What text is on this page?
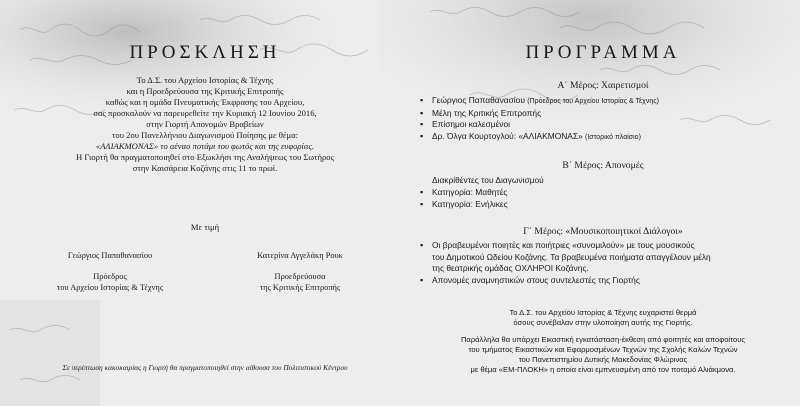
ΠΡΟΣΚΛΗΣΗ
Το Δ.Σ. του Αρχείου Ιστορίας & Τέχνης
και η Προεδρεύουσα της Κριτικής Επιτροπής
καθώς και η ομάδα Πνευματικής Έκφρασης του Αρχείου,
σας προσκαλούν να παρευρεθείτε την Κυριακή 12 Ιουνίου 2016,
στην Γιορτή Απονομών Βραβείων
του 2ου Πανελλήνιου Διαγωνισμού Ποίησης με θέμα:
«ΑΛΙΑΚΜΟΝΑΣ» το αέναο ποτάμι του φωτός και της ευφορίας.
Η Γιορτή θα πραγματοποιηθεί στο Εξωκλήσι της Αναλήψεως του Σωτήρος
στην Καισάρεια Κοζάνης στις 11 το πρωί.
Με τιμή
Γεώργιος Παπαθανασίου
Πρόεδρος
του Αρχείου Ιστορίας & Τέχνης
Κατερίνα Αγγελάκη Ρουκ
Προεδρεύουσα
της Κριτικής Επιτροπής
Σε περίπτωση κακοκαιρίας η Γιορτή θα πραγματοποιηθεί στην αίθουσα του Πολιτιστικού Κέντρου
ΠΡΟΓΡΑΜΜΑ
Α΄ Μέρος: Χαιρετισμοί
▪ Γεώργιος Παπαθανασίου (Πρόεδρος του Αρχείου Ιστορίας & Τέχνης)
▪ Μέλη της Κριτικής Επιτροπής
▪ Επίσημοι καλεσμένοι
▪ Δρ. Όλγα Κουρτογλού: «ΑΛΙΑΚΜΟΝΑΣ» (Ιστορικό πλαίσιο)
Β΄ Μέρος: Απονομές
Διακρίθέντες του Διαγωνισμού
▪ Κατηγορία: Μαθητές
▪ Κατηγορία: Ενήλικες
Γ΄ Μέρος: «Μουσικοποιητικοί Διάλογοι»
▪ Οι βραβευμένοι ποιητές και ποιήτριες «συνομιλούν» με τους μουσικούς
του Δημοτικού Ωδείου Κοζάνης. Τα βραβευμένα ποιήματα απαγγέλουν μέλη
της θεατρικής ομάδας ΟΧΛΗΡΟΙ Κοζάνης.
▪ Απονομές αναμνηστικών στους συντελεστές της Γιορτής
Το Δ.Σ. του Αρχείου Ιστορίας & Τέχνης ευχαριστεί θερμά
όσους συνέβαλαν στην υλοποίηση αυτής της Γιορτής.
Παράλληλα θα υπάρχει Εικαστική εγκατάσταση-έκθεση από φοιτητές και αποφοίτους
του τμήματος Εικαστικών και Εφαρμοσμένων Τεχνών της Σχολής Καλών Τεχνών
του Πανεπιστημίου Δυτικής Μακεδονίας Φλώρινας
με θέμα «ΕΜ-ΠΛΟΚΗ» η οποία είναι εμπνευσμένη από τον ποταμό Αλιάκμονα.
